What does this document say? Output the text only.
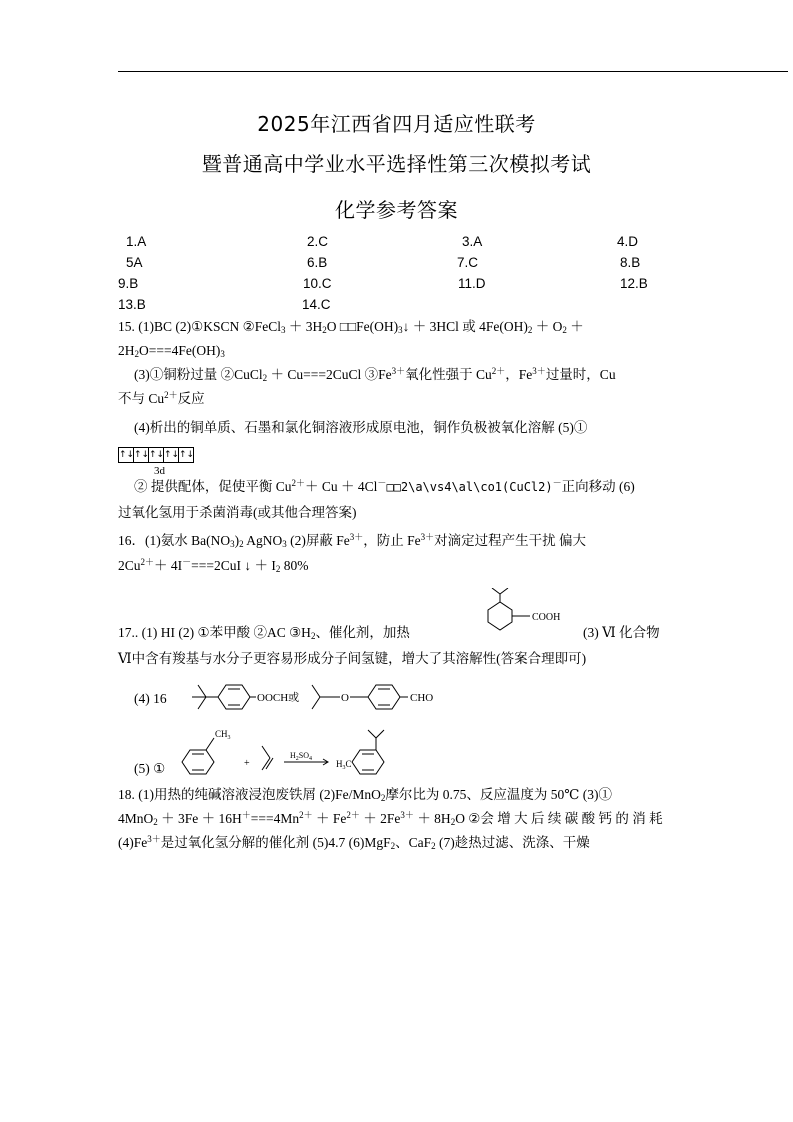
2025年江西省四月适应性联考
暨普通高中学业水平选择性第三次模拟考试
化学参考答案
1.A	2.C	3.A	4.D
5A	6.B	7.C	8.B
9.B	10.C	11.D	12.B
13.B	14.C
15. (1)BC (2)①KSCN ②FeCl$_3$ ＋ $3H_2O$ $□□Fe(OH)_3↓ + 3HCl$ 或 $4Fe(OH)_2 + O_2$ ＋
$2H_2O===4Fe(OH)_3$
(3)①铜粉过量 ②CuCl$_2$ ＋ Cu===2CuCl $③Fe^{3+}$氧化性强于 $Cu^{2+}$，$Fe^{3+}$过量时，Cu
不与 $Cu^{2+}$反应
(4)析出的铜单质、石墨和氯化铜溶液形成原电池，铜作负极被氧化溶解 (5)①
↑↓ ↑↓ ↑↓ ↑↓ ↑↓
3d
② 提供配体，促使平衡 $Cu^{2+}+ Cu$ ＋ 4Cl－□□2\a\vs4\al\co1(CuCl2)－正向移动 (6)
过氧化氢用于杀菌消毒(或其他合理答案)
16．(1)氨水 $Ba(NO_3)_2$ AgNO$_3$ (2)屏蔽 $Fe^{3+}$，防止 $Fe^{3+}$对滴定过程产生干扰 偏大
$2Cu^{2+}+ 4I^-===2CuI$ ↓ ＋ $I_2$ 80%
17.. (1) HI (2) ①苯甲酸 ②AC $③H_2$、催化剂，加热	(3) Ⅵ 化合物
COOH
Ⅵ中含有羧基与水分子更容易形成分子间氢键，增大了其溶解性(答案合理即可)
(4) 16	OOCH或	O	CHO
(5) ①
$CH_3$
+
$H_2SO_4$	$H_3C$
18. (1)用热的纯碱溶液浸泡废铁屑 (2)Fe/MnO$_2$摩尔比为 0.75、反应温度为 50℃ (3)①
$4MnO_2 + 3Fe + 16H^+===4Mn^{2+} + Fe^{2+} + 2Fe^{3+} + 8H_2O$ ②会 增 大 后 续 碳 酸 钙 的 消 耗
$(4)Fe^{3+}$是过氧化氢分解的催化剂 (5)4.7 (6)MgF$_2$、CaF$_2$ (7)趁热过滤、洗涤、干燥
